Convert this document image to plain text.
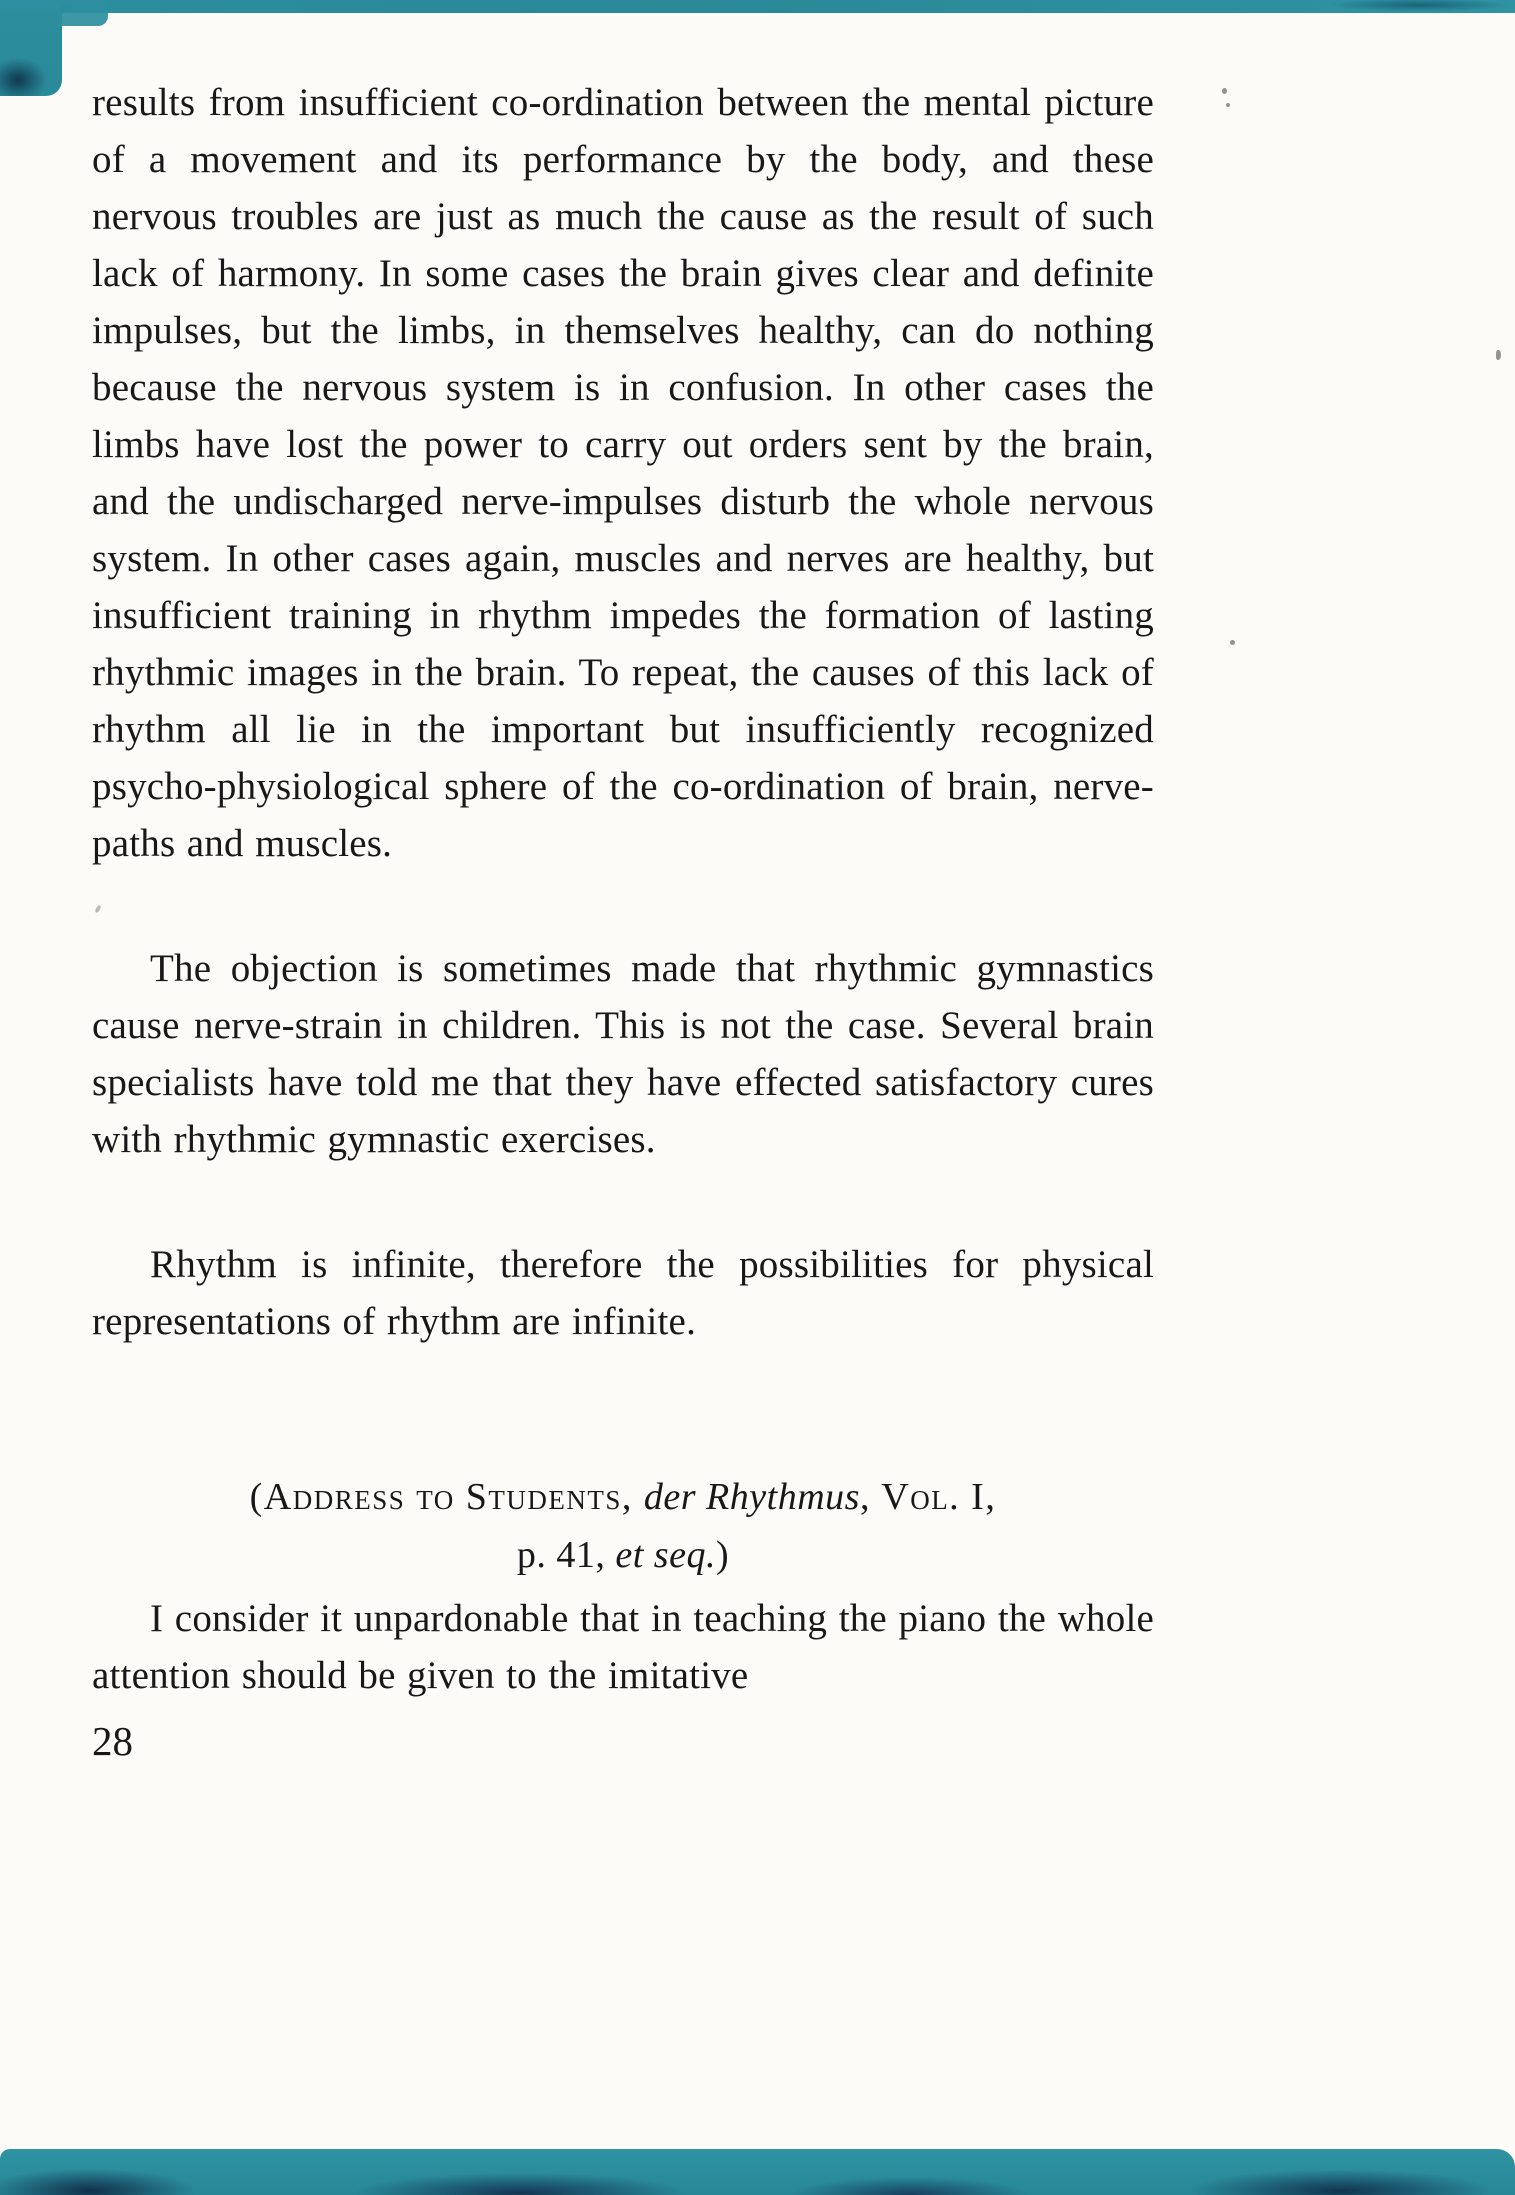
results from insufficient co-ordination between the mental picture of a movement and its performance by the body, and these nervous troubles are just as much the cause as the result of such lack of harmony. In some cases the brain gives clear and definite impulses, but the limbs, in themselves healthy, can do nothing because the nervous system is in confusion. In other cases the limbs have lost the power to carry out orders sent by the brain, and the undischarged nerve-impulses disturb the whole nervous system. In other cases again, muscles and nerves are healthy, but insufficient training in rhythm impedes the formation of lasting rhythmic images in the brain. To repeat, the causes of this lack of rhythm all lie in the important but insufficiently recognized psycho-physiological sphere of the co-ordination of brain, nerve-paths and muscles.

The objection is sometimes made that rhythmic gymnastics cause nerve-strain in children. This is not the case. Several brain specialists have told me that they have effected satisfactory cures with rhythmic gymnastic exercises.

Rhythm is infinite, therefore the possibilities for physical representations of rhythm are infinite.

(Address to Students, der Rhythmus, Vol. I,
p. 41, et seq.)

I consider it unpardonable that in teaching the piano the whole attention should be given to the imitative

28
